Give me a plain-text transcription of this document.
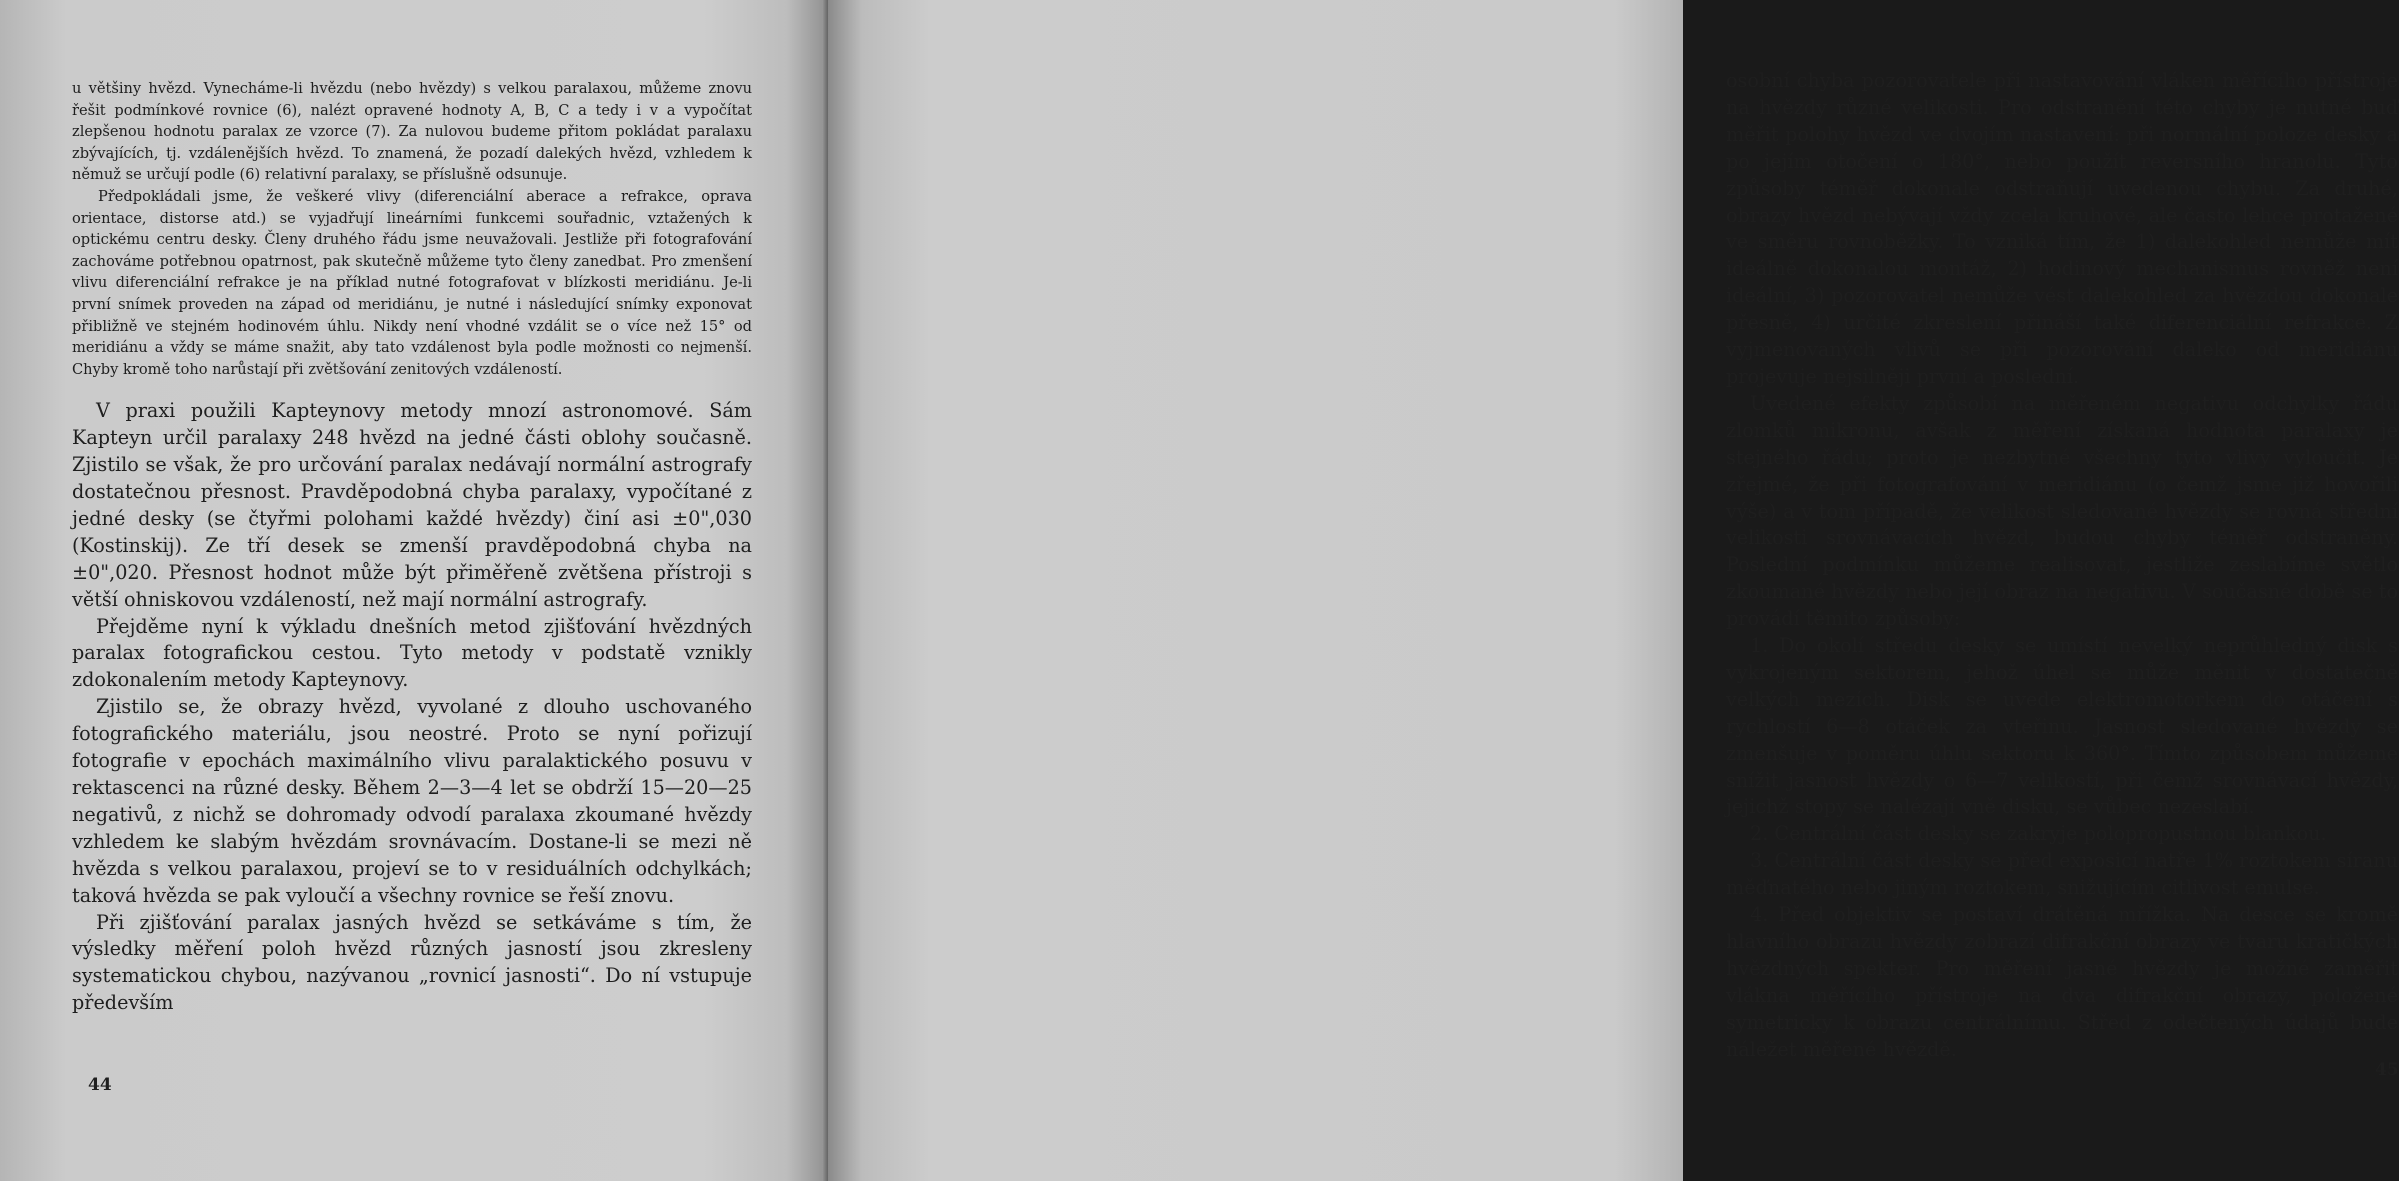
u většiny hvězd. Vynecháme-li hvězdu (nebo hvězdy) s velkou paralaxou, můžeme znovu řešit podmínkové rovnice (6), nalézt opravené hodnoty A, B, C a tedy i v a vypočítat zlepšenou hodnotu paralax ze vzorce (7). Za nulovou budeme přitom pokládat paralaxu zbývajících, tj. vzdálenějších hvězd. To znamená, že pozadí dalekých hvězd, vzhledem k němuž se určují podle (6) relativní paralaxy, se příslušně odsunuje.

Předpokládali jsme, že veškeré vlivy (diferenciální aberace a refrakce, oprava orientace, distorse atd.) se vyjadřují lineárními funkcemi souřadnic, vztažených k optickému centru desky. Členy druhého řádu jsme neuvažovali. Jestliže při fotografování zachováme potřebnou opatrnost, pak skutečně můžeme tyto členy zanedbat. Pro zmenšení vlivu diferenciální refrakce je na příklad nutné fotografovat v blízkosti meridiánu. Je-li první snímek proveden na západ od meridiánu, je nutné i následující snímky exponovat přibližně ve stejném hodinovém úhlu. Nikdy není vhodné vzdálit se o více než 15° od meridiánu a vždy se máme snažit, aby tato vzdálenost byla podle možnosti co nejmenší. Chyby kromě toho narůstají při zvětšování zenitových vzdáleností.

V praxi použili Kapteynovy metody mnozí astronomové. Sám Kapteyn určil paralaxy 248 hvězd na jedné části oblohy současně. Zjistilo se však, že pro určování paralax nedávají normální astrografy dostatečnou přesnost. Pravděpodobná chyba paralaxy, vypočítané z jedné desky (se čtyřmi polohami každé hvězdy) činí asi ±0",030 (Kostinskij). Ze tří desek se zmenší pravděpodobná chyba na ±0",020. Přesnost hodnot může být přiměřeně zvětšena přístroji s větší ohniskovou vzdáleností, než mají normální astrografy.

Přejděme nyní k výkladu dnešních metod zjišťování hvězdných paralax fotografickou cestou. Tyto metody v podstatě vznikly zdokonalením metody Kapteynovy.

Zjistilo se, že obrazy hvězd, vyvolané z dlouho uschovaného fotografického materiálu, jsou neostré. Proto se nyní pořizují fotografie v epochách maximálního vlivu paralaktického posuvu v rektascenci na různé desky. Během 2—3—4 let se obdrží 15—20—25 negativů, z nichž se dohromady odvodí paralaxa zkoumané hvězdy vzhledem ke slabým hvězdám srovnávacím. Dostane-li se mezi ně hvězda s velkou paralaxou, projeví se to v residuálních odchylkách; taková hvězda se pak vyloučí a všechny rovnice se řeší znovu.

Při zjišťování paralax jasných hvězd se setkáváme s tím, že výsledky měření poloh hvězd různých jasností jsou zkresleny systematickou chybou, nazývanou „rovnicí jasnosti“. Do ní vstupuje především

44

osobní chyba pozorovatele při nastavování vláken měřícího přístroje na hvězdy různé velikosti. Pro odstranění této chyby je nutné buď měřit polohy hvězd ve dvojím nastavení: při normální poloze desky a po jejím otočení o 180°, nebo použít reversního hranolu. Tyto způsoby téměř dokonale odstraňují uvedenou chybu. Za druhé, obrazy hvězd nebývají vždy zcela kruhové, ale často lehce protažené ve směru rovnoběžky. To vzniká tím, že 1) dalekohled nemůže mít ideálně dokonalou montáž, 2) hodinový mechanismus rovněž není ideální, 3) pozorovatel nemůže vést dalekohled za hvězdou dokonale přesně, 4) určité zkreslení přináší také diferenciální refrakce. Z vyjmenovaných vlivů se při pozorování daleko od meridiánu projevuje nejsilněji první a poslední.

Uvedené efekty způsobí na měřeném negativu odchylky řádu zlomků mikronu, avšak z měření získaná hodnota paralaxy je stejného řádu; proto je nezbytné všechny tyto vlivy vyloučit. Je zřejmé, že při fotografování v meridiánu (o čemž jsme již hovořili výše) a v tom případě, že velikost sledované hvězdy se rovná střední velikosti srovnávacích hvězd, budou chyby téměř odstraněny. Poslední podmínku můžeme realisovat, jestliže zeslabíme světlo zkoumané hvězdy nebo její obraz na negativu. V současné době se to provádí těmito způsoby:

1. Do okolí středu desky se umístí nevelký neprůhledný disk s vykrojeným sektorem, jehož úhel se může měnit v dostatečně velkých mezích. Disk se uvede elektromotorkem do otáčení s rychlostí 6—8 otáček za vteřinu. Jasnost sledované hvězdy se zmenšuje v poměru úhlu sektoru k 360°. Tímto způsobem můžeme snížit jasnost hvězdy o 6—7 velikostí, při čemž srovnávací hvězdy, jejichž stopy se nalézají vně disku, se vůbec nezeslabí.

2. Centrální část desky se zakryje polopropustnou blankou.

3. Centrální část desky se před exposicí natře 1% roztokem síranu měďnatého nebo jiným roztokem, snižujícím citlivost emulse.

4. Před objektiv se postaví drátěná mřížka. Na desce se kromě hlavního obrazu hvězdy zobrazí difrakční obrazy ve tvaru kratičkých hvězdných spekter. Pro měření jasné hvězdy je možné zaměřit vlákna měřícího přístroje na dva difrakční obrazy, položené symetricky k obrazu centrálnímu. Střed z odečtených údajů bude náležet měřené hvězdě.

45
